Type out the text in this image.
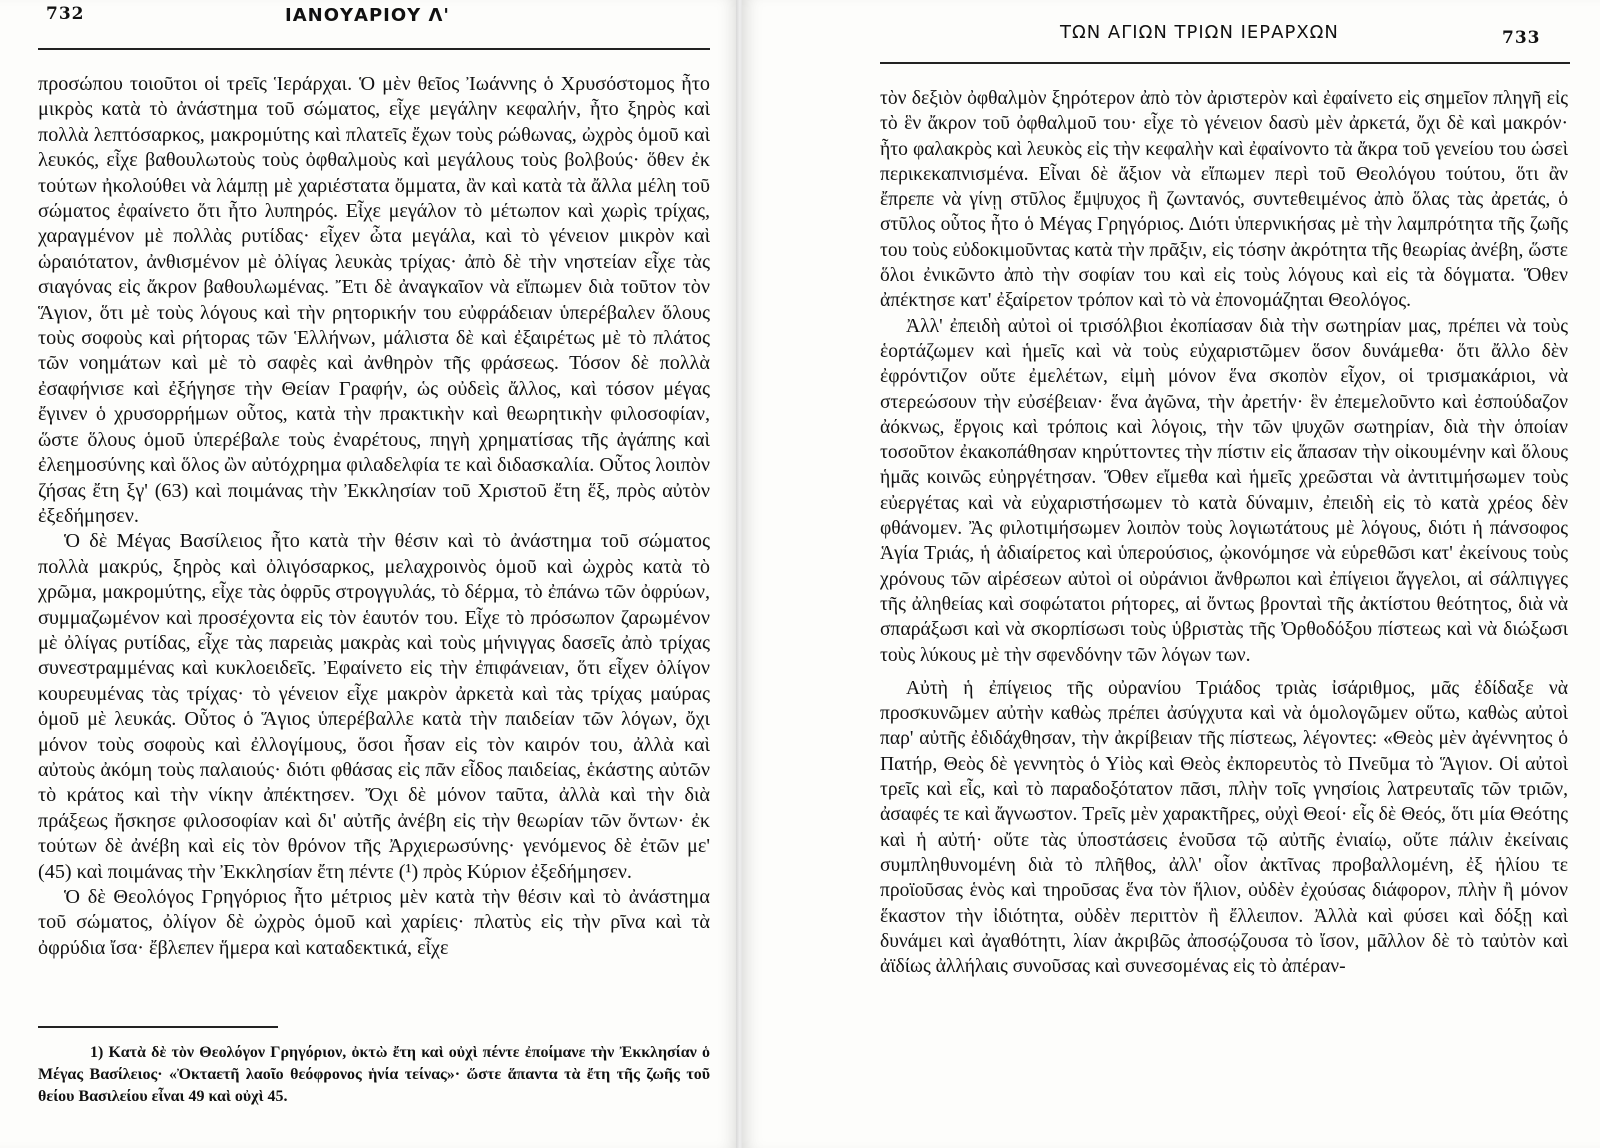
732	ΙΑΝΟΥΑΡΙΟΥ Λ'

προσώπου τοιοῦτοι οἱ τρεῖς Ἱεράρχαι. Ὁ μὲν θεῖος Ἰωάννης ὁ Χρυσόστομος ἦτο μικρὸς κατὰ τὸ ἀνάστημα τοῦ σώματος, εἶχε μεγάλην κεφαλήν, ἦτο ξηρὸς καὶ πολλὰ λεπτόσαρκος, μακρομύτης καὶ πλατεῖς ἔχων τοὺς ρώθωνας, ὠχρὸς ὁμοῦ καὶ λευκός, εἶχε βαθουλωτοὺς τοὺς ὀφθαλμοὺς καὶ μεγάλους τοὺς βολβούς· ὅθεν ἐκ τούτων ἠκολούθει νὰ λάμπῃ μὲ χαριέστατα ὄμματα, ἂν καὶ κατὰ τὰ ἄλλα μέλη τοῦ σώματος ἐφαίνετο ὅτι ἦτο λυπηρός. Εἶχε μεγάλον τὸ μέτωπον καὶ χωρὶς τρίχας, χαραγμένον μὲ πολλὰς ρυτίδας· εἶχεν ὦτα μεγάλα, καὶ τὸ γένειον μικρὸν καὶ ὡραιότατον, ἀνθισμένον μὲ ὀλίγας λευκὰς τρίχας· ἀπὸ δὲ τὴν νηστείαν εἶχε τὰς σιαγόνας εἰς ἄκρον βαθουλωμένας. Ἔτι δὲ ἀναγκαῖον νὰ εἴπωμεν διὰ τοῦτον τὸν Ἅγιον, ὅτι μὲ τοὺς λόγους καὶ τὴν ρητορικήν του εὐφράδειαν ὑπερέβαλεν ὅλους τοὺς σοφοὺς καὶ ρήτορας τῶν Ἑλλήνων, μάλιστα δὲ καὶ ἐξαιρέτως μὲ τὸ πλάτος τῶν νοημάτων καὶ μὲ τὸ σαφὲς καὶ ἀνθηρὸν τῆς φράσεως. Τόσον δὲ πολλὰ ἐσαφήνισε καὶ ἐξήγησε τὴν Θείαν Γραφήν, ὡς οὐδεὶς ἄλλος, καὶ τόσον μέγας ἔγινεν ὁ χρυσορρήμων οὗτος, κατὰ τὴν πρακτικὴν καὶ θεωρητικὴν φιλοσοφίαν, ὥστε ὅλους ὁμοῦ ὑπερέβαλε τοὺς ἐναρέτους, πηγὴ χρηματίσας τῆς ἀγάπης καὶ ἐλεημοσύνης καὶ ὅλος ὢν αὐτόχρημα φιλαδελφία τε καὶ διδασκαλία. Οὗτος λοιπὸν ζήσας ἔτη ξγ' (63) καὶ ποιμάνας τὴν Ἐκκλησίαν τοῦ Χριστοῦ ἔτη ἕξ, πρὸς αὐτὸν ἐξεδήμησεν.

Ὁ δὲ Μέγας Βασίλειος ἦτο κατὰ τὴν θέσιν καὶ τὸ ἀνάστημα τοῦ σώματος πολλὰ μακρύς, ξηρὸς καὶ ὀλιγόσαρκος, μελαχροινὸς ὁμοῦ καὶ ὠχρὸς κατὰ τὸ χρῶμα, μακρομύτης, εἶχε τὰς ὀφρῦς στρογγυλάς, τὸ δέρμα, τὸ ἐπάνω τῶν ὀφρύων, συμμαζωμένον καὶ προσέχοντα εἰς τὸν ἑαυτόν του. Εἶχε τὸ πρόσωπον ζαρωμένον μὲ ὀλίγας ρυτίδας, εἶχε τὰς παρειὰς μακρὰς καὶ τοὺς μήνιγγας δασεῖς ἀπὸ τρίχας συνεστραμμένας καὶ κυκλοειδεῖς. Ἐφαίνετο εἰς τὴν ἐπιφάνειαν, ὅτι εἶχεν ὀλίγον κουρευμένας τὰς τρίχας· τὸ γένειον εἶχε μακρὸν ἀρκετὰ καὶ τὰς τρίχας μαύρας ὁμοῦ μὲ λευκάς. Οὗτος ὁ Ἅγιος ὑπερέβαλλε κατὰ τὴν παιδείαν τῶν λόγων, ὄχι μόνον τοὺς σοφοὺς καὶ ἐλλογίμους, ὅσοι ἦσαν εἰς τὸν καιρόν του, ἀλλὰ καὶ αὐτοὺς ἀκόμη τοὺς παλαιούς· διότι φθάσας εἰς πᾶν εἶδος παιδείας, ἑκάστης αὐτῶν τὸ κράτος καὶ τὴν νίκην ἀπέκτησεν. Ὄχι δὲ μόνον ταῦτα, ἀλλὰ καὶ τὴν διὰ πράξεως ἤσκησε φιλοσοφίαν καὶ δι' αὐτῆς ἀνέβη εἰς τὴν θεωρίαν τῶν ὄντων· ἐκ τούτων δὲ ἀνέβη καὶ εἰς τὸν θρόνον τῆς Ἀρχιερωσύνης· γενόμενος δὲ ἐτῶν με' (45) καὶ ποιμάνας τὴν Ἐκκλησίαν ἔτη πέντε (¹) πρὸς Κύριον ἐξεδήμησεν.

Ὁ δὲ Θεολόγος Γρηγόριος ἦτο μέτριος μὲν κατὰ τὴν θέσιν καὶ τὸ ἀνάστημα τοῦ σώματος, ὀλίγον δὲ ὠχρὸς ὁμοῦ καὶ χαρίεις· πλατὺς εἰς τὴν ρῖνα καὶ τὰ ὀφρύδια ἴσα· ἔβλεπεν ἥμερα καὶ καταδεκτικά, εἶχε

1) Κατὰ δὲ τὸν Θεολόγον Γρηγόριον, ὀκτὼ ἔτη καὶ οὐχὶ πέντε ἐποίμανε τὴν Ἐκκλησίαν ὁ Μέγας Βασίλειος· «Ὀκταετῆ λαοῖο θεόφρονος ἡνία τείνας»· ὥστε ἅπαντα τὰ ἔτη τῆς ζωῆς τοῦ θείου Βασιλείου εἶναι 49 καὶ οὐχὶ 45.

ΤΩΝ ΑΓΙΩΝ ΤΡΙΩΝ ΙΕΡΑΡΧΩΝ	733

τὸν δεξιὸν ὀφθαλμὸν ξηρότερον ἀπὸ τὸν ἀριστερὸν καὶ ἐφαίνετο εἰς σημεῖον πληγῆ εἰς τὸ ἓν ἄκρον τοῦ ὀφθαλμοῦ του· εἶχε τὸ γένειον δασὺ μὲν ἀρκετά, ὄχι δὲ καὶ μακρόν· ἦτο φαλακρὸς καὶ λευκὸς εἰς τὴν κεφαλὴν καὶ ἐφαίνοντο τὰ ἄκρα τοῦ γενείου του ὡσεὶ περικεκαπνισμένα. Εἶναι δὲ ἄξιον νὰ εἴπωμεν περὶ τοῦ Θεολόγου τούτου, ὅτι ἂν ἔπρεπε νὰ γίνῃ στῦλος ἔμψυχος ἢ ζωντανός, συντεθειμένος ἀπὸ ὅλας τὰς ἀρετάς, ὁ στῦλος οὗτος ἦτο ὁ Μέγας Γρηγόριος. Διότι ὑπερνικήσας μὲ τὴν λαμπρότητα τῆς ζωῆς του τοὺς εὐδοκιμοῦντας κατὰ τὴν πρᾶξιν, εἰς τόσην ἀκρότητα τῆς θεωρίας ἀνέβη, ὥστε ὅλοι ἐνικῶντο ἀπὸ τὴν σοφίαν του καὶ εἰς τοὺς λόγους καὶ εἰς τὰ δόγματα. Ὅθεν ἀπέκτησε κατ' ἐξαίρετον τρόπον καὶ τὸ νὰ ἐπονομάζηται Θεολόγος.

Ἀλλ' ἐπειδὴ αὐτοὶ οἱ τρισόλβιοι ἐκοπίασαν διὰ τὴν σωτηρίαν μας, πρέπει νὰ τοὺς ἑορτάζωμεν καὶ ἡμεῖς καὶ νὰ τοὺς εὐχαριστῶμεν ὅσον δυνάμεθα· ὅτι ἄλλο δὲν ἐφρόντιζον οὔτε ἐμελέτων, εἰμὴ μόνον ἕνα σκοπὸν εἶχον, οἱ τρισμακάριοι, νὰ στερεώσουν τὴν εὐσέβειαν· ἕνα ἀγῶνα, τὴν ἀρετήν· ἓν ἐπεμελοῦντο καὶ ἐσπούδαζον ἀόκνως, ἔργοις καὶ τρόποις καὶ λόγοις, τὴν τῶν ψυχῶν σωτηρίαν, διὰ τὴν ὁποίαν τοσοῦτον ἐκακοπάθησαν κηρύττοντες τὴν πίστιν εἰς ἅπασαν τὴν οἰκουμένην καὶ ὅλους ἡμᾶς κοινῶς εὐηργέτησαν. Ὅθεν εἴμεθα καὶ ἡμεῖς χρεῶσται νὰ ἀντιτιμήσωμεν τοὺς εὐεργέτας καὶ νὰ εὐχαριστήσωμεν τὸ κατὰ δύναμιν, ἐπειδὴ εἰς τὸ κατὰ χρέος δὲν φθάνομεν. Ἂς φιλοτιμήσωμεν λοιπὸν τοὺς λογιωτάτους μὲ λόγους, διότι ἡ πάνσοφος Ἁγία Τριάς, ἡ ἀδιαίρετος καὶ ὑπερούσιος, ᾠκονόμησε νὰ εὑρεθῶσι κατ' ἐκείνους τοὺς χρόνους τῶν αἱρέσεων αὐτοὶ οἱ οὐράνιοι ἄνθρωποι καὶ ἐπίγειοι ἄγγελοι, αἱ σάλπιγγες τῆς ἀληθείας καὶ σοφώτατοι ρήτορες, αἱ ὄντως βρονταὶ τῆς ἀκτίστου θεότητος, διὰ νὰ σπαράξωσι καὶ νὰ σκορπίσωσι τοὺς ὑβριστὰς τῆς Ὀρθοδόξου πίστεως καὶ νὰ διώξωσι τοὺς λύκους μὲ τὴν σφενδόνην τῶν λόγων των.

Αὐτὴ ἡ ἐπίγειος τῆς οὐρανίου Τριάδος τριὰς ἰσάριθμος, μᾶς ἐδίδαξε νὰ προσκυνῶμεν αὐτὴν καθὼς πρέπει ἀσύγχυτα καὶ νὰ ὁμολογῶμεν οὕτω, καθὼς αὐτοὶ παρ' αὐτῆς ἐδιδάχθησαν, τὴν ἀκρίβειαν τῆς πίστεως, λέγοντες: «Θεὸς μὲν ἀγέννητος ὁ Πατήρ, Θεὸς δὲ γεννητὸς ὁ Υἱὸς καὶ Θεὸς ἐκπορευτὸς τὸ Πνεῦμα τὸ Ἅγιον. Οἱ αὐτοὶ τρεῖς καὶ εἷς, καὶ τὸ παραδοξότατον πᾶσι, πλὴν τοῖς γνησίοις λατρευταῖς τῶν τριῶν, ἀσαφές τε καὶ ἄγνωστον. Τρεῖς μὲν χαρακτῆρες, οὐχὶ Θεοί· εἷς δὲ Θεός, ὅτι μία Θεότης καὶ ἡ αὐτή· οὔτε τὰς ὑποστάσεις ἑνοῦσα τῷ αὐτῆς ἐνιαίῳ, οὔτε πάλιν ἐκείναις συμπληθυνομένη διὰ τὸ πλῆθος, ἀλλ' οἷον ἀκτῖνας προβαλλομένη, ἐξ ἡλίου τε προϊοῦσας ἑνὸς καὶ τηροῦσας ἕνα τὸν ἥλιον, οὐδὲν ἐχούσας διάφορον, πλὴν ἢ μόνον ἕκαστον τὴν ἰδιότητα, οὐδὲν περιττὸν ἢ ἔλλειπον. Ἀλλὰ καὶ φύσει καὶ δόξῃ καὶ δυνάμει καὶ ἀγαθότητι, λίαν ἀκριβῶς ἀποσῴζουσα τὸ ἴσον, μᾶλλον δὲ τὸ ταὐτὸν καὶ ἀϊδίως ἀλλήλαις συνοῦσας καὶ συνεσομένας εἰς τὸ ἀπέραν-
